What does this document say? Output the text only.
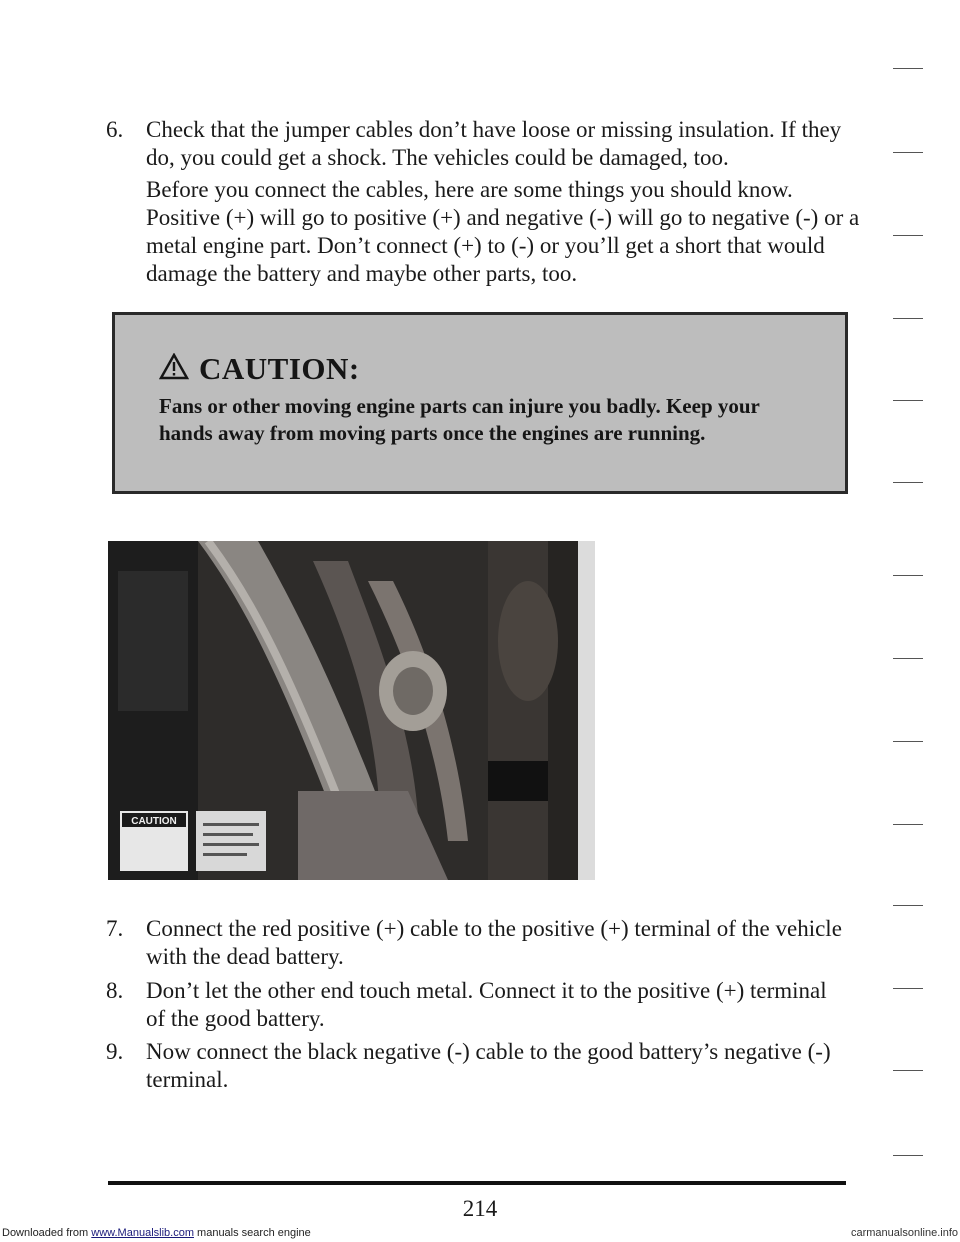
6. Check that the jumper cables don’t have loose or missing insulation. If they do, you could get a shock. The vehicles could be damaged, too.
Before you connect the cables, here are some things you should know. Positive (+) will go to positive (+) and negative (-) will go to negative (-) or a metal engine part. Don’t connect (+) to (-) or you’ll get a short that would damage the battery and maybe other parts, too.
CAUTION:
Fans or other moving engine parts can injure you badly. Keep your hands away from moving parts once the engines are running.
CAUTION
7. Connect the red positive (+) cable to the positive (+) terminal of the vehicle with the dead battery.
8. Don’t let the other end touch metal. Connect it to the positive (+) terminal of the good battery.
9. Now connect the black negative (-) cable to the good battery’s negative (-) terminal.
214
Downloaded from www.Manualslib.com manuals search engine	carmanualsonline.info
